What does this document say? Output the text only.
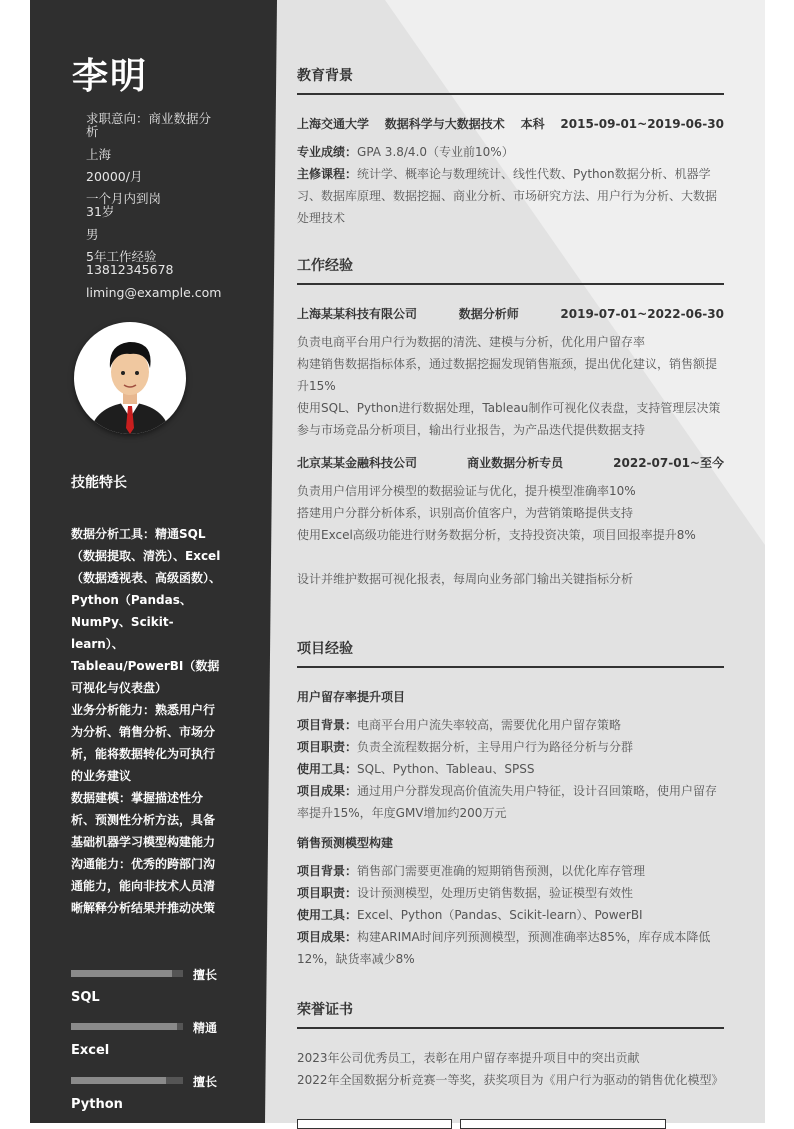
李明
求职意向：商业数据分析
上海
20000/月
一个月内到岗
31岁
男
5年工作经验
13812345678
liming@example.com
技能特长
数据分析工具：精通SQL（数据提取、清洗）、Excel（数据透视表、高级函数）、Python（Pandas、NumPy、Scikit-learn）、Tableau/PowerBI（数据可视化与仪表盘）
业务分析能力：熟悉用户行为分析、销售分析、市场分析，能将数据转化为可执行的业务建议
数据建模：掌握描述性分析、预测性分析方法，具备基础机器学习模型构建能力
沟通能力：优秀的跨部门沟通能力，能向非技术人员清晰解释分析结果并推动决策
擅长
SQL
精通
Excel
擅长
Python
教育背景
上海交通大学 数据科学与大数据技术 本科 2015-09-01~2019-06-30
专业成绩：GPA 3.8/4.0（专业前10%）
主修课程：统计学、概率论与数理统计、线性代数、Python数据分析、机器学习、数据库原理、数据挖掘、商业分析、市场研究方法、用户行为分析、大数据处理技术
工作经验
上海某某科技有限公司	数据分析师	2019-07-01~2022-06-30
负责电商平台用户行为数据的清洗、建模与分析，优化用户留存率
构建销售数据指标体系，通过数据挖掘发现销售瓶颈，提出优化建议，销售额提升15%
使用SQL、Python进行数据处理，Tableau制作可视化仪表盘，支持管理层决策
参与市场竞品分析项目，输出行业报告，为产品迭代提供数据支持
北京某某金融科技公司	商业数据分析专员	2022-07-01~至今
负责用户信用评分模型的数据验证与优化，提升模型准确率10%
搭建用户分群分析体系，识别高价值客户，为营销策略提供支持
使用Excel高级功能进行财务数据分析，支持投资决策，项目回报率提升8%
设计并维护数据可视化报表，每周向业务部门输出关键指标分析
项目经验
用户留存率提升项目
项目背景：电商平台用户流失率较高，需要优化用户留存策略
项目职责：负责全流程数据分析，主导用户行为路径分析与分群
使用工具：SQL、Python、Tableau、SPSS
项目成果：通过用户分群发现高价值流失用户特征，设计召回策略，使用户留存率提升15%，年度GMV增加约200万元
销售预测模型构建
项目背景：销售部门需要更准确的短期销售预测，以优化库存管理
项目职责：设计预测模型，处理历史销售数据，验证模型有效性
使用工具：Excel、Python（Pandas、Scikit-learn）、PowerBI
项目成果：构建ARIMA时间序列预测模型，预测准确率达85%，库存成本降低12%，缺货率减少8%
荣誉证书
2023年公司优秀员工，表彰在用户留存率提升项目中的突出贡献
2022年全国数据分析竞赛一等奖，获奖项目为《用户行为驱动的销售优化模型》
